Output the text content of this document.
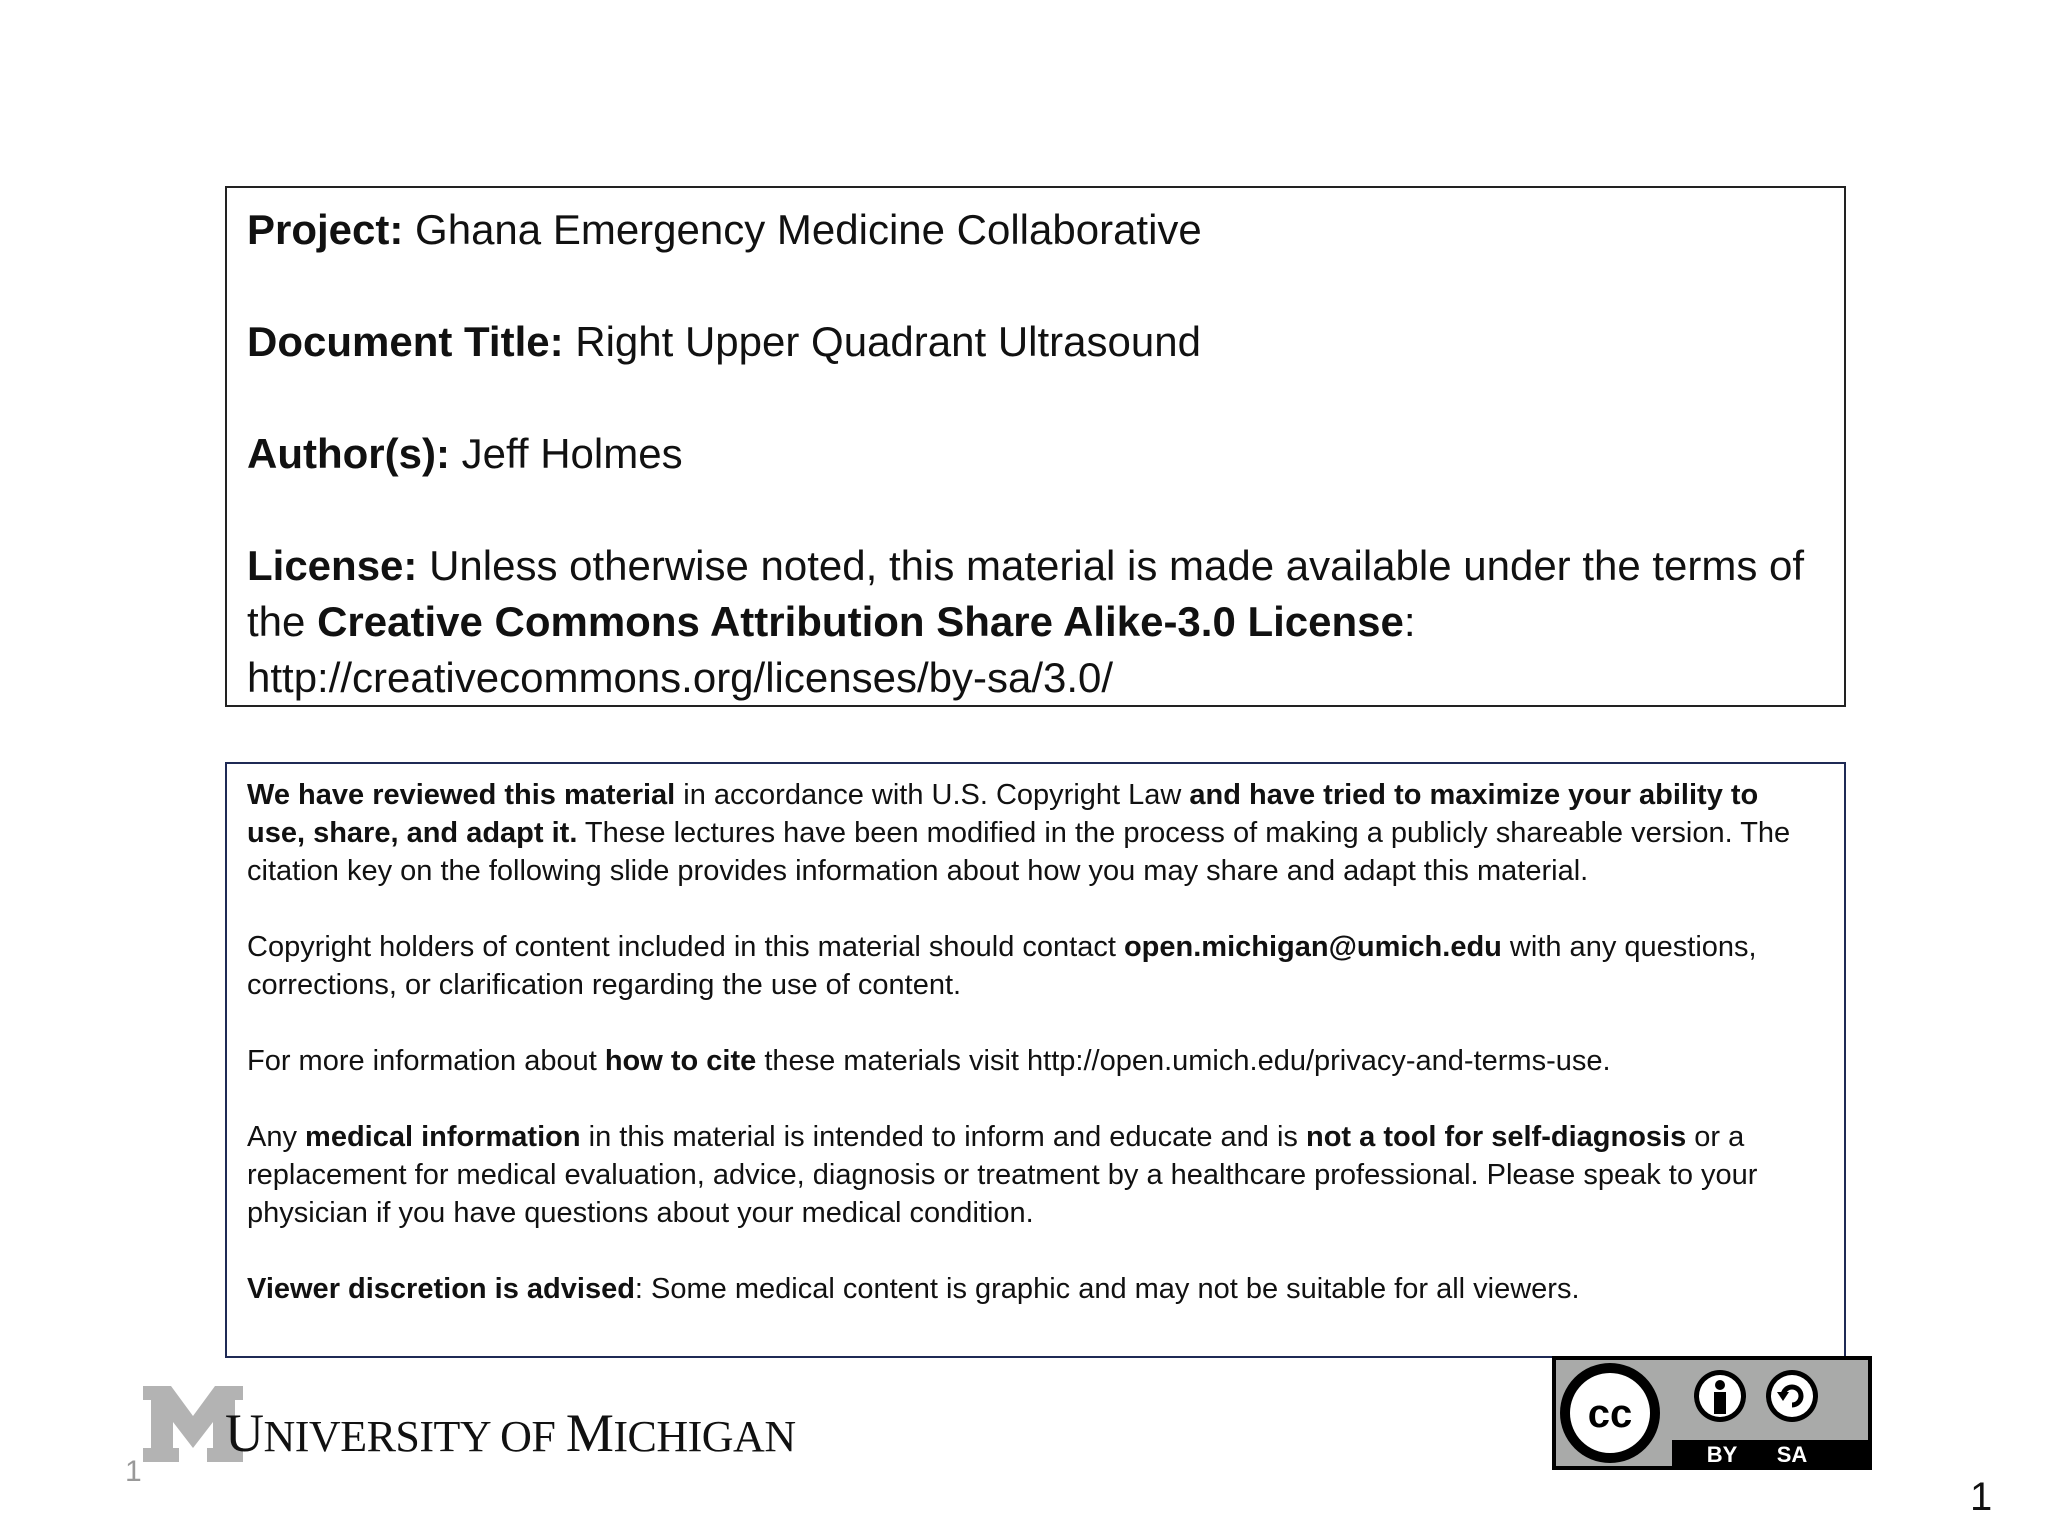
Project: Ghana Emergency Medicine Collaborative

Document Title: Right Upper Quadrant Ultrasound

Author(s): Jeff Holmes

License: Unless otherwise noted, this material is made available under the terms of the Creative Commons Attribution Share Alike-3.0 License:
http://creativecommons.org/licenses/by-sa/3.0/

We have reviewed this material in accordance with U.S. Copyright Law and have tried to maximize your ability to use, share, and adapt it. These lectures have been modified in the process of making a publicly shareable version. The citation key on the following slide provides information about how you may share and adapt this material.

Copyright holders of content included in this material should contact open.michigan@umich.edu with any questions, corrections, or clarification regarding the use of content.

For more information about how to cite these materials visit http://open.umich.edu/privacy-and-terms-use.

Any medical information in this material is intended to inform and educate and is not a tool for self-diagnosis or a replacement for medical evaluation, advice, diagnosis or treatment by a healthcare professional. Please speak to your physician if you have questions about your medical condition.

Viewer discretion is advised: Some medical content is graphic and may not be suitable for all viewers.

UNIVERSITY OF MICHIGAN
1
cc
BY SA
1
